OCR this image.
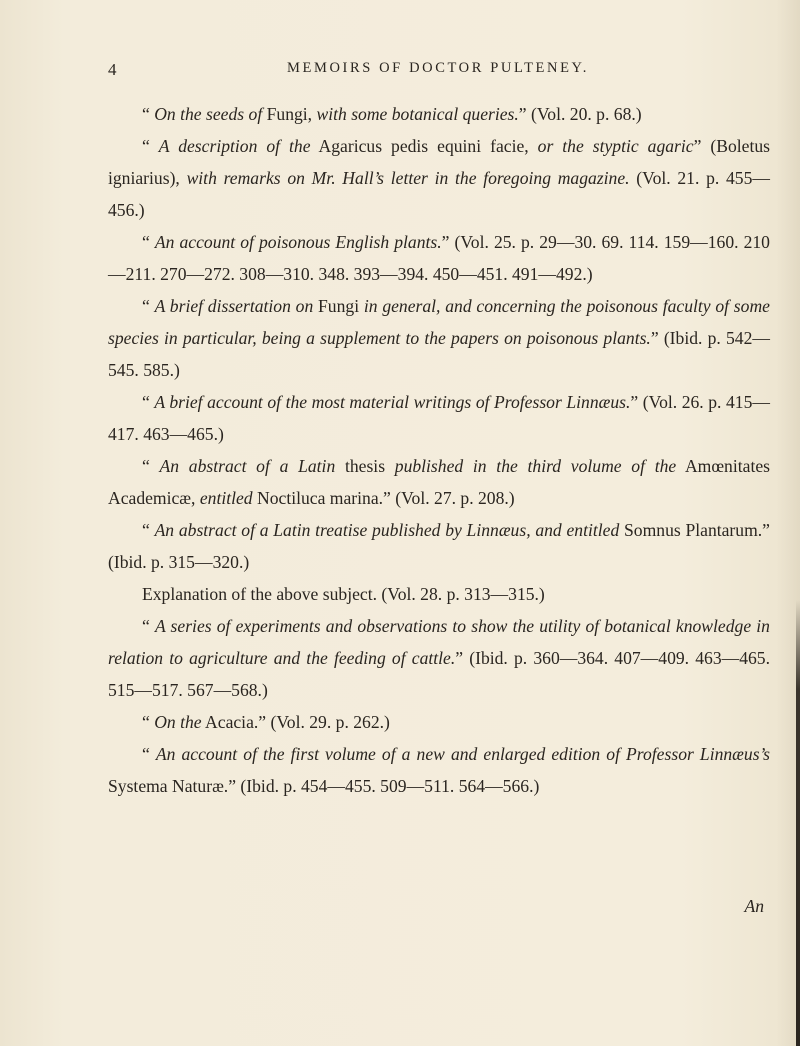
4	MEMOIRS OF DOCTOR PULTENEY.

“ On the seeds of Fungi, with some botanical queries.” (Vol. 20. p. 68.)

“ A description of the Agaricus pedis equini facie, or the styptic agaric” (Boletus igniarius), with remarks on Mr. Hall’s letter in the foregoing magazine. (Vol. 21. p. 455—456.)

“ An account of poisonous English plants.” (Vol. 25. p. 29—30. 69. 114. 159—160. 210—211. 270—272. 308—310. 348. 393—394. 450—451. 491—492.)

“ A brief dissertation on Fungi in general, and concerning the poisonous faculty of some species in particular, being a supplement to the papers on poisonous plants.” (Ibid. p. 542—545. 585.)

“ A brief account of the most material writings of Professor Linnæus.” (Vol. 26. p. 415—417. 463—465.)

“ An abstract of a Latin thesis published in the third volume of the Amœnitates Academicæ, entitled Noctiluca marina.” (Vol. 27. p. 208.)

“ An abstract of a Latin treatise published by Linnæus, and entitled Somnus Plantarum.” (Ibid. p. 315—320.)

Explanation of the above subject. (Vol. 28. p. 313—315.)

“ A series of experiments and observations to show the utility of botanical knowledge in relation to agriculture and the feeding of cattle.” (Ibid. p. 360—364. 407—409. 463—465. 515—517. 567—568.)

“ On the Acacia.” (Vol. 29. p. 262.)

“ An account of the first volume of a new and enlarged edition of Professor Linnæus’s Systema Naturæ.” (Ibid. p. 454—455. 509—511. 564—566.)

An
